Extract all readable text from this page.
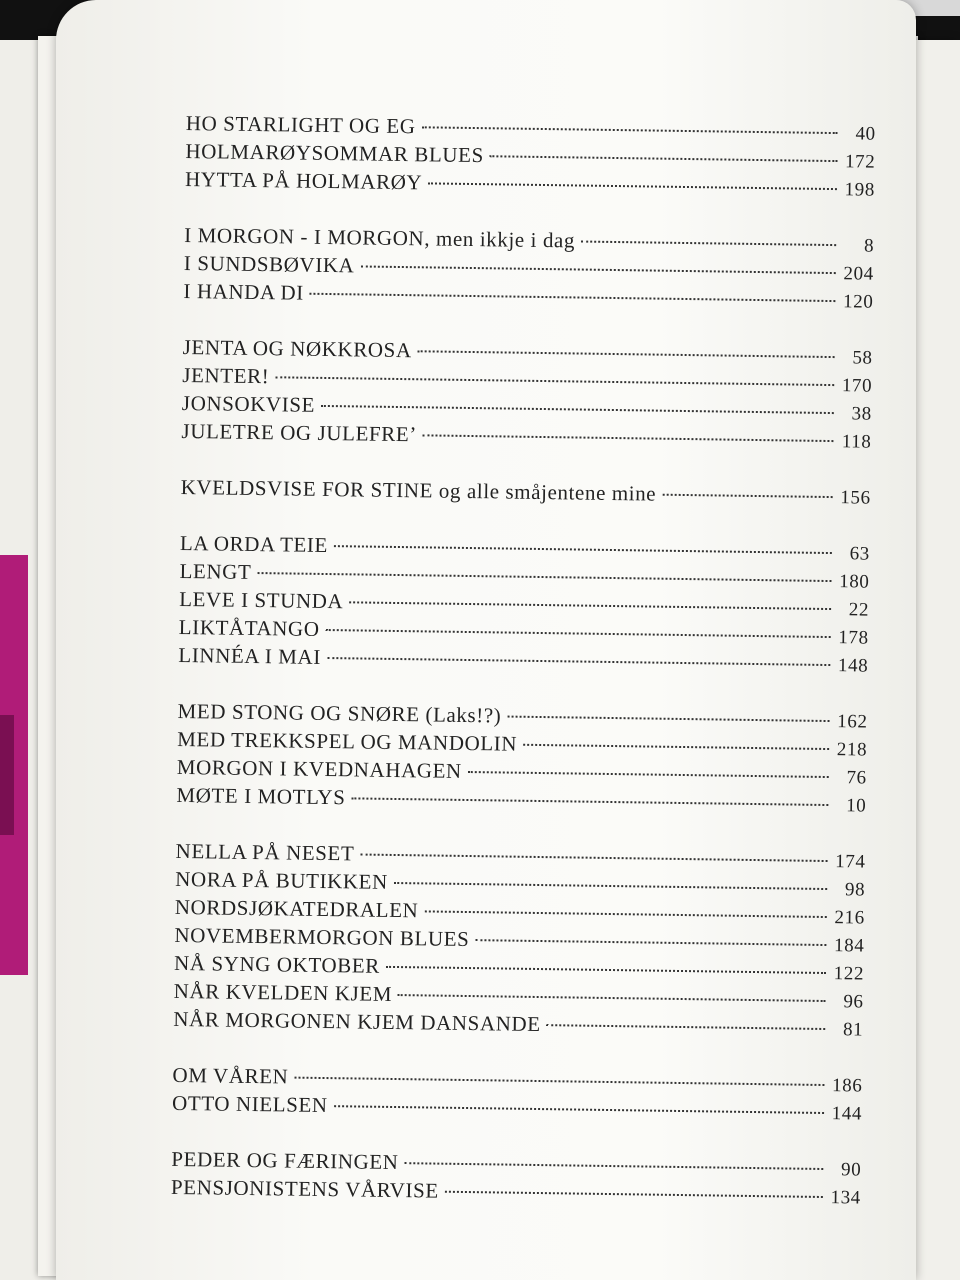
HO STARLIGHT OG EG	40
HOLMARØYSOMMAR BLUES	172
HYTTA PÅ HOLMARØY	198
I MORGON - I MORGON, men ikkje i dag	8
I SUNDSBØVIKA	204
I HANDA DI	120
JENTA OG NØKKROSA	58
JENTER!	170
JONSOKVISE	38
JULETRE OG JULEFRE’	118
KVELDSVISE FOR STINE og alle småjentene mine	156
LA ORDA TEIE	63
LENGT	180
LEVE I STUNDA	22
LIKTÅTANGO	178
LINNÉA I MAI	148
MED STONG OG SNØRE (Laks!?)	162
MED TREKKSPEL OG MANDOLIN	218
MORGON I KVEDNAHAGEN	76
MØTE I MOTLYS	10
NELLA PÅ NESET	174
NORA PÅ BUTIKKEN	98
NORDSJØKATEDRALEN	216
NOVEMBERMORGON BLUES	184
NÅ SYNG OKTOBER	122
NÅR KVELDEN KJEM	96
NÅR MORGONEN KJEM DANSANDE	81
OM VÅREN	186
OTTO NIELSEN	144
PEDER OG FÆRINGEN	90
PENSJONISTENS VÅRVISE	134
